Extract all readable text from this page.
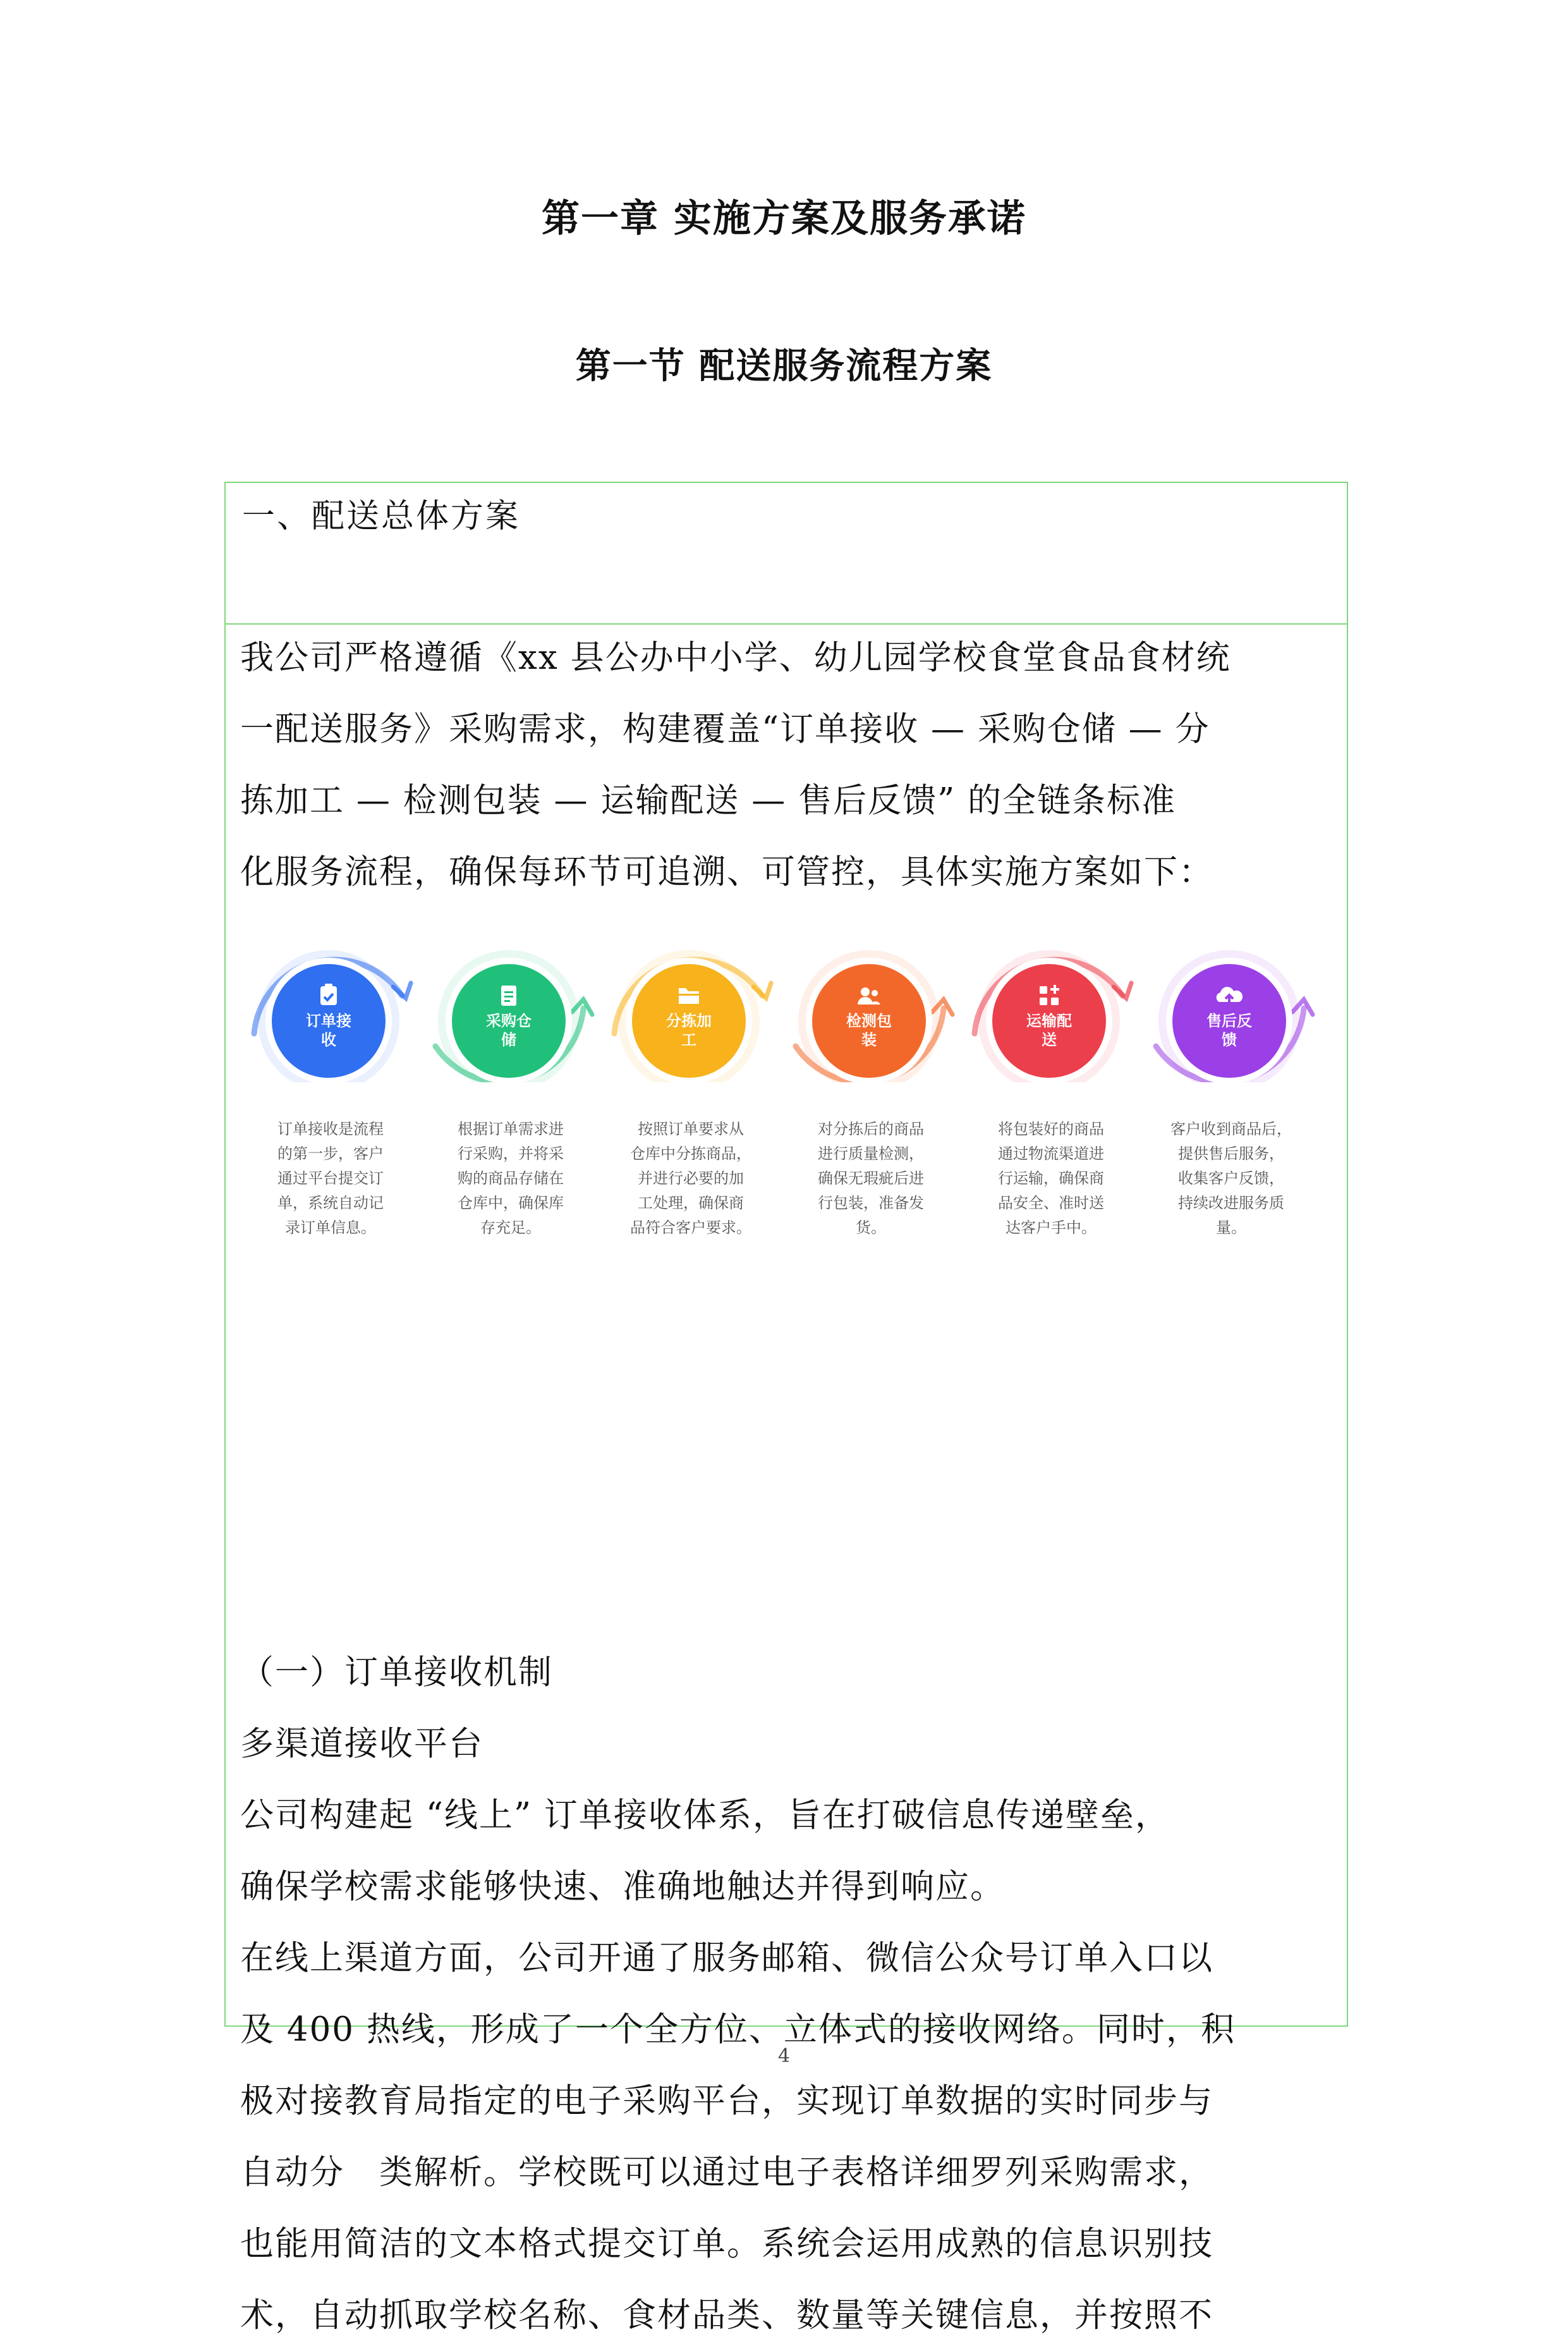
第一章 实施方案及服务承诺
第一节 配送服务流程方案
一、配送总体方案
我公司严格遵循《xx 县公办中小学、幼儿园学校食堂食品食材统
一配送服务》采购需求，构建覆盖“订单接收 — 采购仓储 — 分
拣加工 — 检测包装 — 运输配送 — 售后反馈” 的全链条标准
化服务流程，确保每环节可追溯、可管控，具体实施方案如下：
（一）订单接收机制
多渠道接收平台
公司构建起 “线上” 订单接收体系，旨在打破信息传递壁垒，
确保学校需求能够快速、准确地触达并得到响应。
在线上渠道方面，公司开通了服务邮箱、微信公众号订单入口以
及 400 热线，形成了一个全方位、立体式的接收网络。同时，积
极对接教育局指定的电子采购平台，实现订单数据的实时同步与
自动分　类解析。学校既可以通过电子表格详细罗列采购需求，
也能用简洁的文本格式提交订单。系统会运用成熟的信息识别技
术，自动抓取学校名称、食材品类、数量等关键信息，并按照不
订单接
收
订单接收是流程
的第一步，客户
通过平台提交订
单，系统自动记
录订单信息。
采购仓
储
根据订单需求进
行采购，并将采
购的商品存储在
仓库中，确保库
存充足。
分拣加
工
按照订单要求从
仓库中分拣商品，
并进行必要的加
工处理，确保商
品符合客户要求。
检测包
装
对分拣后的商品
进行质量检测，
确保无瑕疵后进
行包装，准备发
货。
运输配
送
将包装好的商品
通过物流渠道进
行运输，确保商
品安全、准时送
达客户手中。
售后反
馈
客户收到商品后，
提供售后服务，
收集客户反馈，
持续改进服务质
量。
4
